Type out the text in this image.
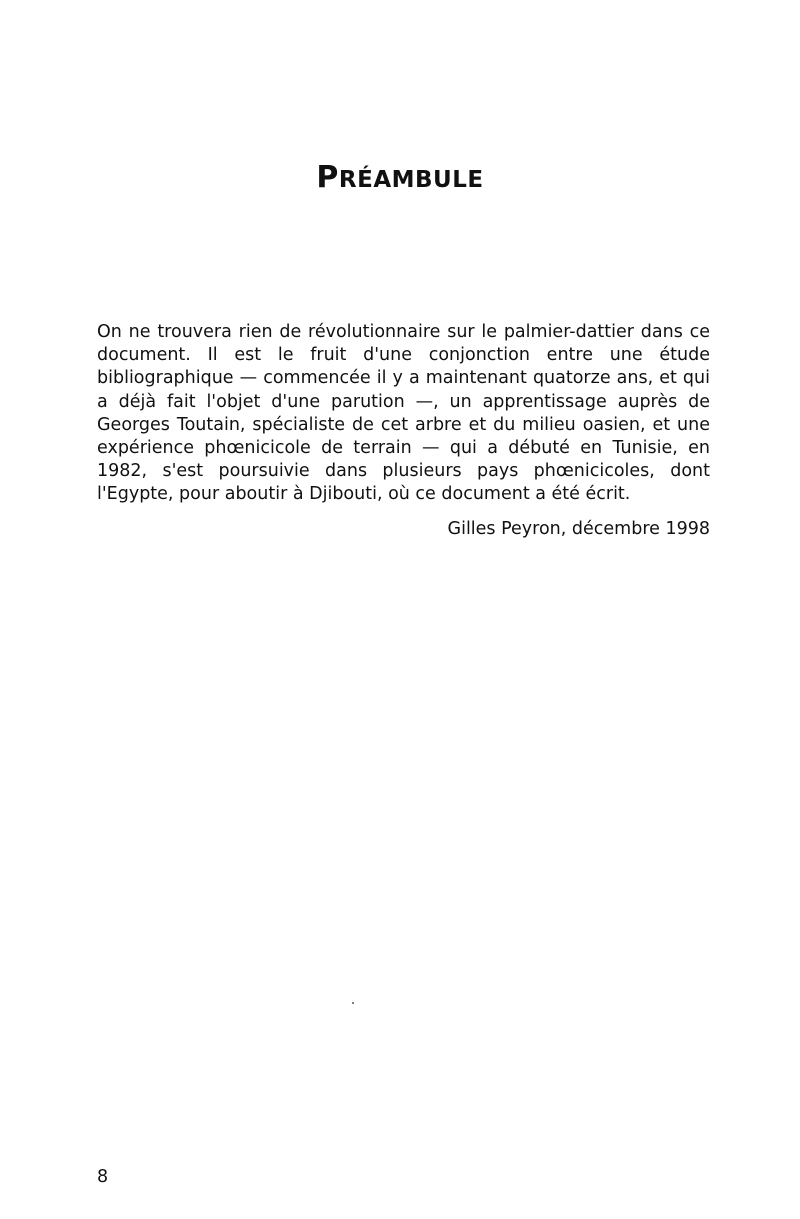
PRÉAMBULE

On ne trouvera rien de révolutionnaire sur le palmier-dattier dans ce document. Il est le fruit d'une conjonction entre une étude bibliographique — commencée il y a maintenant quatorze ans, et qui a déjà fait l'objet d'une parution —, un apprentissage auprès de Georges Toutain, spécialiste de cet arbre et du milieu oasien, et une expérience phœnicicole de terrain — qui a débuté en Tunisie, en 1982, s'est poursuivie dans plusieurs pays phœnicicoles, dont l'Egypte, pour aboutir à Djibouti, où ce document a été écrit.

Gilles Peyron, décembre 1998

8
